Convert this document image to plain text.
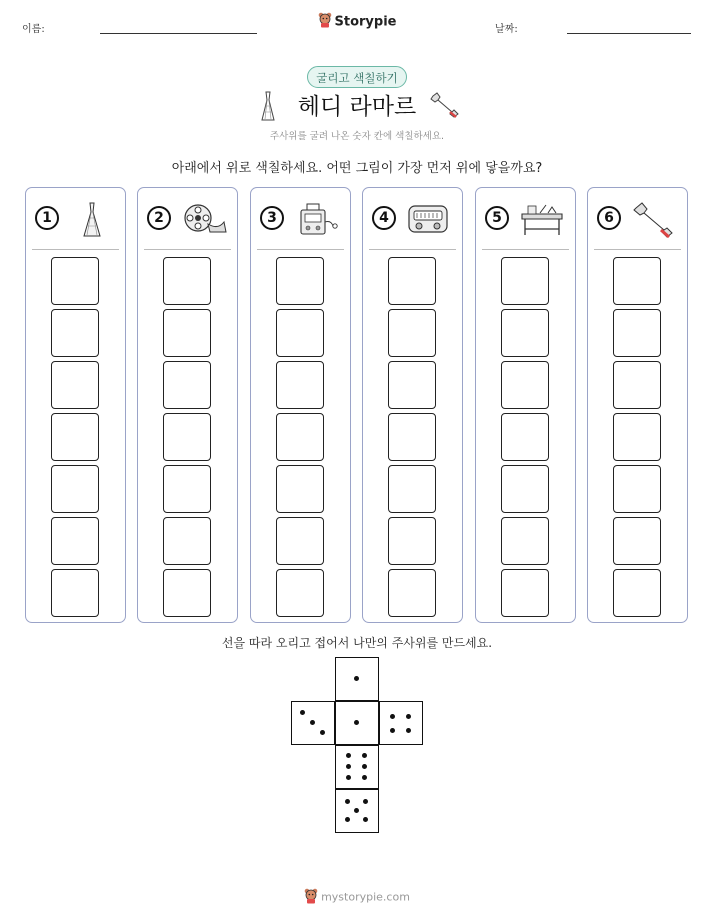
이름:	날짜:
Storypie
굴리고 색칠하기
헤디 라마르
주사위를 굴려 나온 숫자 칸에 색칠하세요.
아래에서 위로 색칠하세요. 어떤 그림이 가장 먼저 위에 닿을까요?
1	2	3	4	5	6
선을 따라 오리고 접어서 나만의 주사위를 만드세요.
mystorypie.com
